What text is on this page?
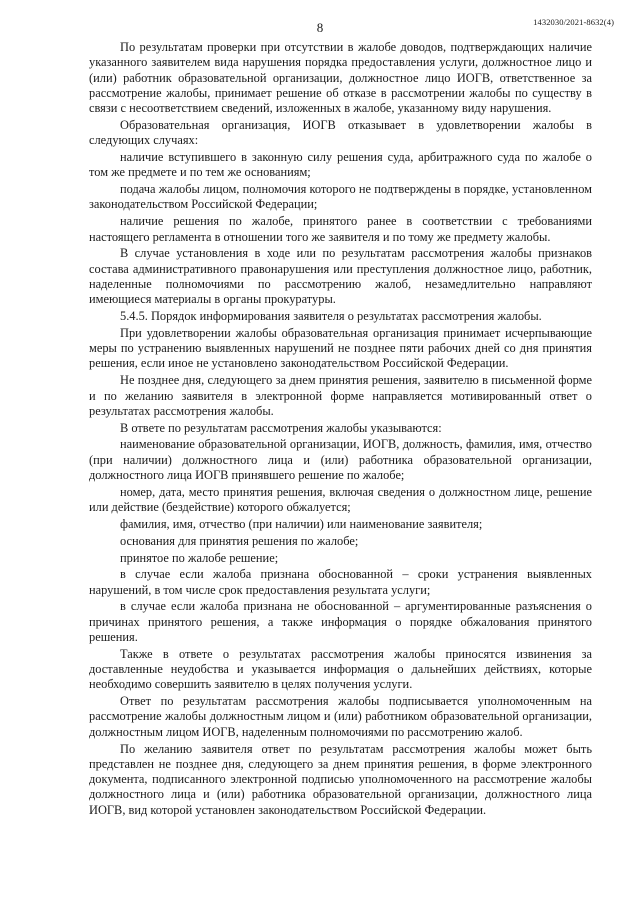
8	1432030/2021-8632(4)

По результатам проверки при отсутствии в жалобе доводов, подтверждающих наличие указанного заявителем вида нарушения порядка предоставления услуги, должностное лицо и (или) работник образовательной организации, должностное лицо ИОГВ, ответственное за рассмотрение жалобы, принимает решение об отказе в рассмотрении жалобы по существу в связи с несоответствием сведений, изложенных в жалобе, указанному виду нарушения.

Образовательная организация, ИОГВ отказывает в удовлетворении жалобы в следующих случаях:

наличие вступившего в законную силу решения суда, арбитражного суда по жалобе о том же предмете и по тем же основаниям;

подача жалобы лицом, полномочия которого не подтверждены в порядке, установленном законодательством Российской Федерации;

наличие решения по жалобе, принятого ранее в соответствии с требованиями настоящего регламента в отношении того же заявителя и по тому же предмету жалобы.

В случае установления в ходе или по результатам рассмотрения жалобы признаков состава административного правонарушения или преступления должностное лицо, работник, наделенные полномочиями по рассмотрению жалоб, незамедлительно направляют имеющиеся материалы в органы прокуратуры.

5.4.5. Порядок информирования заявителя о результатах рассмотрения жалобы.

При удовлетворении жалобы образовательная организация принимает исчерпывающие меры по устранению выявленных нарушений не позднее пяти рабочих дней со дня принятия решения, если иное не установлено законодательством Российской Федерации.

Не позднее дня, следующего за днем принятия решения, заявителю в письменной форме и по желанию заявителя в электронной форме направляется мотивированный ответ о результатах рассмотрения жалобы.

В ответе по результатам рассмотрения жалобы указываются:

наименование образовательной организации, ИОГВ, должность, фамилия, имя, отчество (при наличии) должностного лица и (или) работника образовательной организации, должностного лица ИОГВ принявшего решение по жалобе;

номер, дата, место принятия решения, включая сведения о должностном лице, решение или действие (бездействие) которого обжалуется;

фамилия, имя, отчество (при наличии) или наименование заявителя;

основания для принятия решения по жалобе;

принятое по жалобе решение;

в случае если жалоба признана обоснованной – сроки устранения выявленных нарушений, в том числе срок предоставления результата услуги;

в случае если жалоба признана не обоснованной – аргументированные разъяснения о причинах принятого решения, а также информация о порядке обжалования принятого решения.

Также в ответе о результатах рассмотрения жалобы приносятся извинения за доставленные неудобства и указывается информация о дальнейших действиях, которые необходимо совершить заявителю в целях получения услуги.

Ответ по результатам рассмотрения жалобы подписывается уполномоченным на рассмотрение жалобы должностным лицом и (или) работником образовательной организации, должностным лицом ИОГВ, наделенным полномочиями по рассмотрению жалоб.

По желанию заявителя ответ по результатам рассмотрения жалобы может быть представлен не позднее дня, следующего за днем принятия решения, в форме электронного документа, подписанного электронной подписью уполномоченного на рассмотрение жалобы должностного лица и (или) работника образовательной организации, должностного лица ИОГВ, вид которой установлен законодательством Российской Федерации.
